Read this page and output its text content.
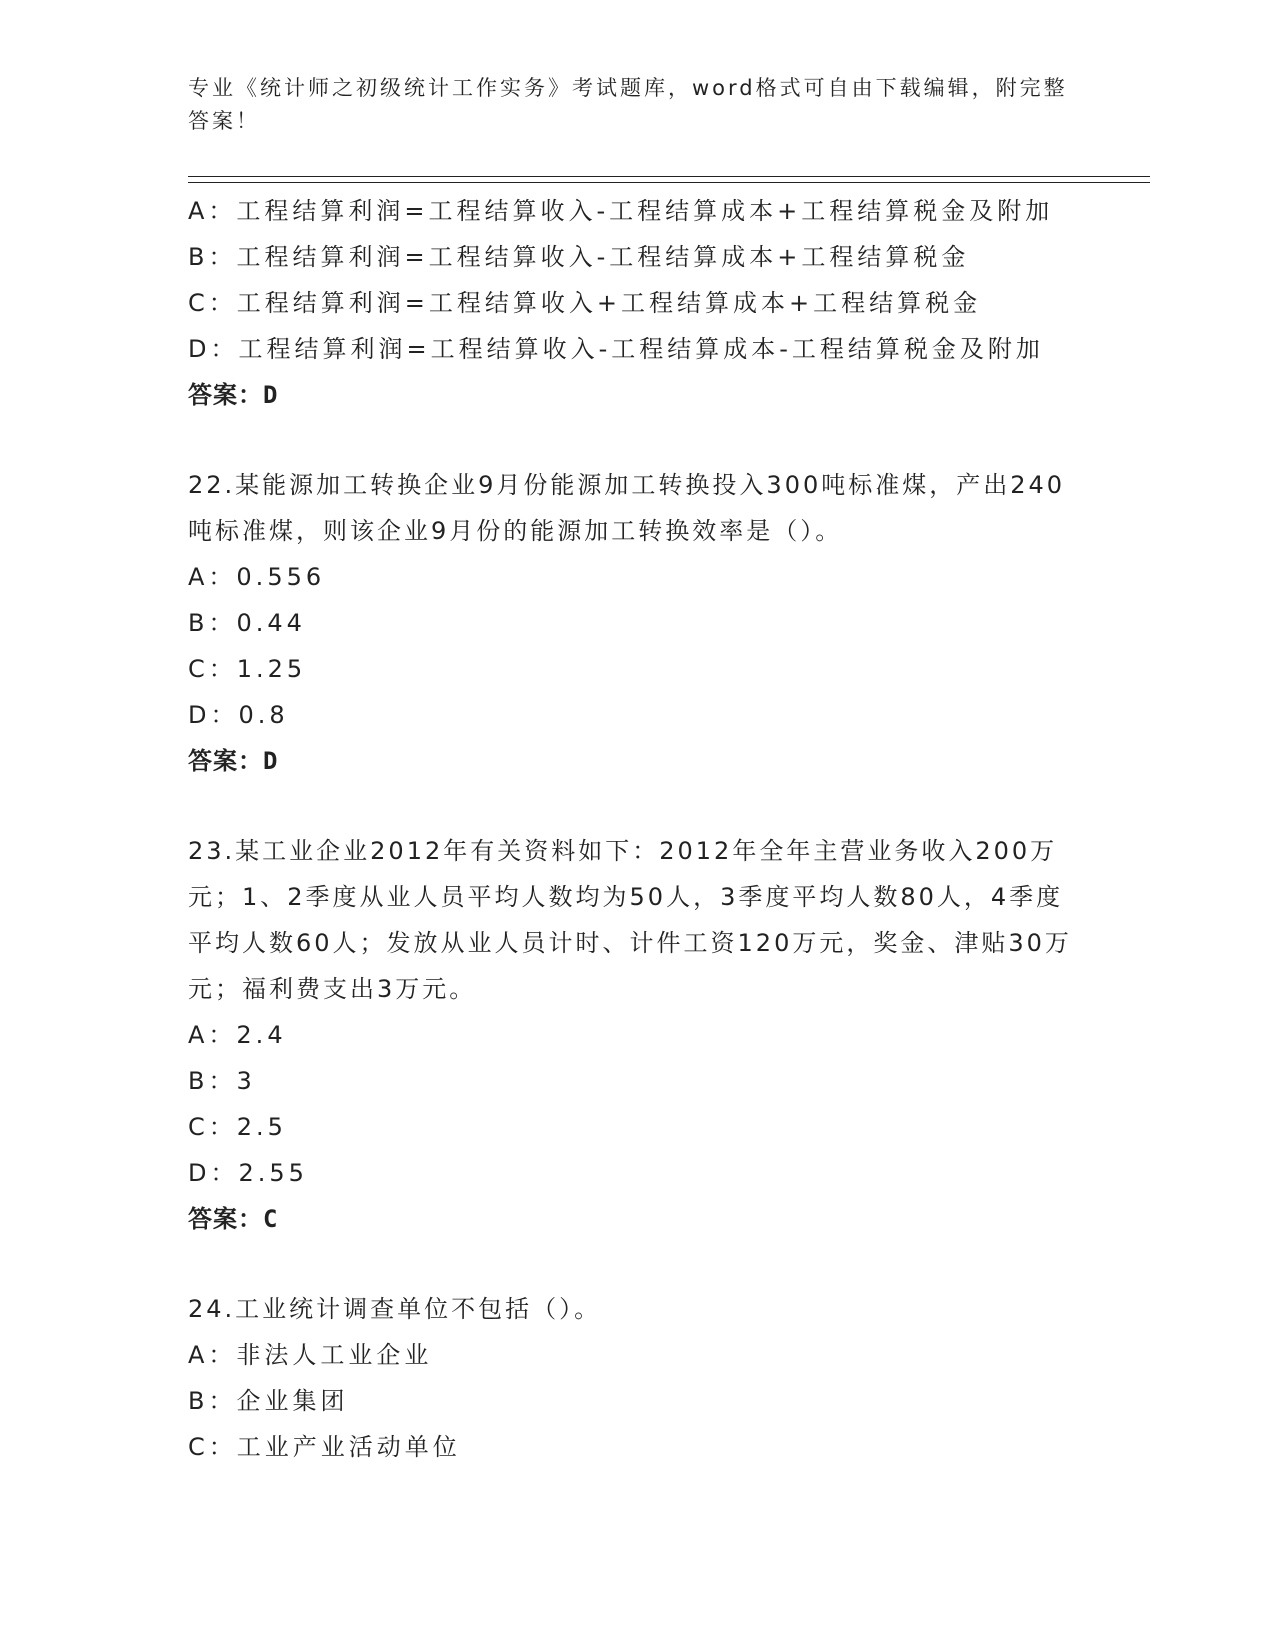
专业《统计师之初级统计工作实务》考试题库，word格式可自由下载编辑，附完整答案！
A：工程结算利润=工程结算收入-工程结算成本+工程结算税金及附加
B：工程结算利润=工程结算收入-工程结算成本+工程结算税金
C：工程结算利润=工程结算收入+工程结算成本+工程结算税金
D：工程结算利润=工程结算收入-工程结算成本-工程结算税金及附加
答案：D
22.某能源加工转换企业9月份能源加工转换投入300吨标准煤，产出240吨标准煤，则该企业9月份的能源加工转换效率是（）。
A：0.556
B：0.44
C：1.25
D：0.8
答案：D
23.某工业企业2012年有关资料如下：2012年全年主营业务收入200万元；1、2季度从业人员平均人数均为50人，3季度平均人数80人，4季度平均人数60人；发放从业人员计时、计件工资120万元，奖金、津贴30万元；福利费支出3万元。
A：2.4
B：3
C：2.5
D：2.55
答案：C
24.工业统计调查单位不包括（）。
A：非法人工业企业
B：企业集团
C：工业产业活动单位
